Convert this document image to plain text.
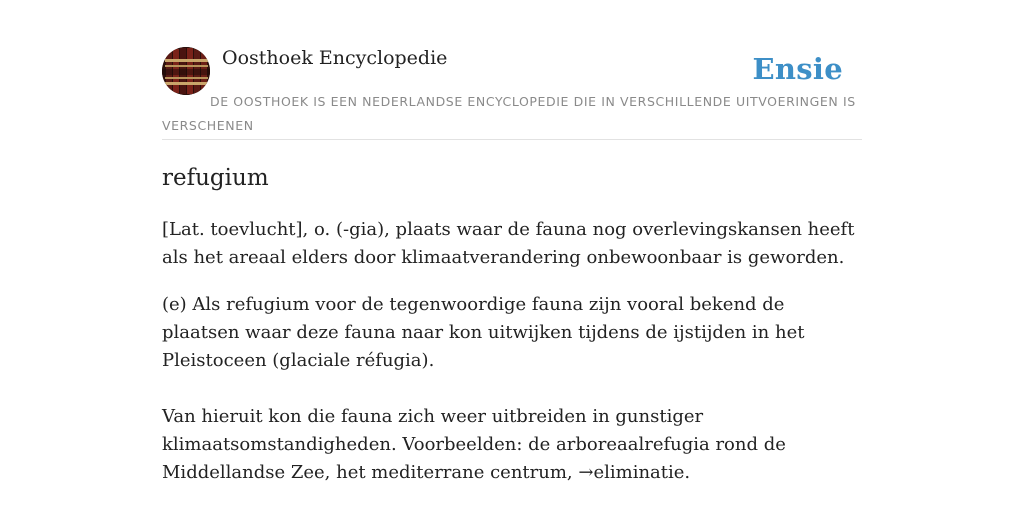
Oosthoek Encyclopedie	Ensie
DE OOSTHOEK IS EEN NEDERLANDSE ENCYCLOPEDIE DIE IN VERSCHILLENDE UITVOERINGEN IS VERSCHENEN
refugium

[Lat. toevlucht], o. (-gia), plaats waar de fauna nog overlevingskansen heeft als het areaal elders door klimaatverandering onbewoonbaar is geworden.

(e) Als refugium voor de tegenwoordige fauna zijn vooral bekend de plaatsen waar deze fauna naar kon uitwijken tijdens de ijstijden in het Pleistoceen (glaciale réfugia).
Van hieruit kon die fauna zich weer uitbreiden in gunstiger klimaatsomstandigheden. Voorbeelden: de arboreaalrefugia rond de Middellandse Zee, het mediterrane centrum, →eliminatie.
